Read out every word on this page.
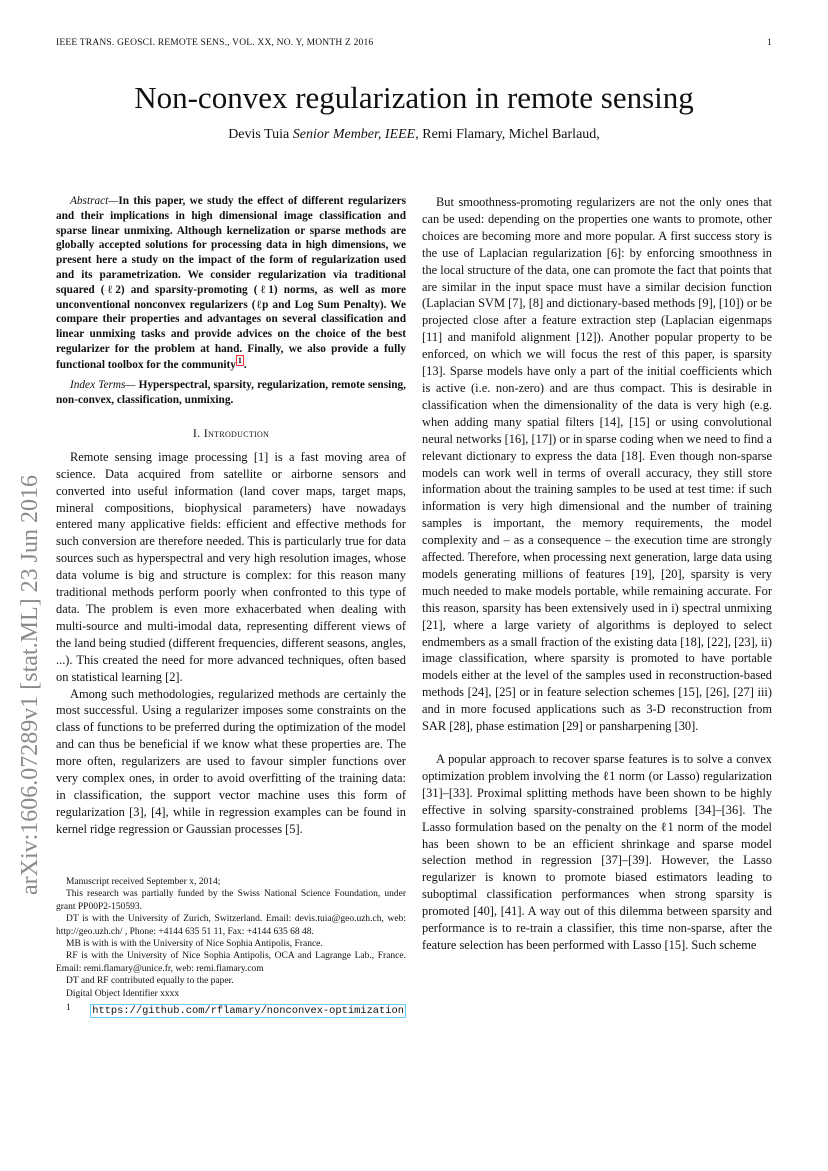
IEEE TRANS. GEOSCI. REMOTE SENS., VOL. XX, NO. Y, MONTH Z 2016	1
arXiv:1606.07289v1 [stat.ML] 23 Jun 2016
Non-convex regularization in remote sensing
Devis Tuia Senior Member, IEEE, Remi Flamary, Michel Barlaud,

Abstract—In this paper, we study the effect of different regularizers and their implications in high dimensional image classification and sparse linear unmixing. Although kernelization or sparse methods are globally accepted solutions for processing data in high dimensions, we present here a study on the impact of the form of regularization used and its parametrization. We consider regularization via traditional squared (ℓ2) and sparsity-promoting (ℓ1) norms, as well as more unconventional nonconvex regularizers (ℓp and Log Sum Penalty). We compare their properties and advantages on several classification and linear unmixing tasks and provide advices on the choice of the best regularizer for the problem at hand. Finally, we also provide a fully functional toolbox for the community $^1$ .

Index Terms— Hyperspectral, sparsity, regularization, remote sensing, non-convex, classification, unmixing.

I. Introduction

Remote sensing image processing [1] is a fast moving area of science. Data acquired from satellite or airborne sensors and converted into useful information (land cover maps, target maps, mineral compositions, biophysical parameters) have nowadays entered many applicative fields: efficient and effective methods for such conversion are therefore needed. This is particularly true for data sources such as hyperspectral and very high resolution images, whose data volume is big and structure is complex: for this reason many traditional methods perform poorly when confronted to this type of data. The problem is even more exhacerbated when dealing with multi-source and multi-imodal data, representing different views of the land being studied (different frequencies, different seasons, angles, ...). This created the need for more advanced techniques, often based on statistical learning [2].

Among such methodologies, regularized methods are certainly the most successful. Using a regularizer imposes some constraints on the class of functions to be preferred during the optimization of the model and can thus be beneficial if we know what these properties are. The more often, regularizers are used to favour simpler functions over very complex ones, in order to avoid overfitting of the training data: in classification, the support vector machine uses this form of regularization [3], [4], while in regression examples can be found in kernel ridge regression or Gaussian processes [5].

Manuscript received September x, 2014;

This research was partially funded by the Swiss National Science Foundation, under grant PP00P2-150593.

DT is with the University of Zurich, Switzerland. Email: devis.tuia@geo.uzh.ch, web: http://geo.uzh.ch/ , Phone: +4144 635 51 11, Fax: +4144 635 68 48.

MB is with is with the University of Nice Sophia Antipolis, France.

RF is with the University of Nice Sophia Antipolis, OCA and Lagrange Lab., France. Email: remi.flamary@unice.fr, web: remi.flamary.com

DT and RF contributed equally to the paper.

Digital Object Identifier xxxx

1	https://github.com/rflamary/nonconvex-optimization

But smoothness-promoting regularizers are not the only ones that can be used: depending on the properties one wants to promote, other choices are becoming more and more popular. A first success story is the use of Laplacian regularization [6]: by enforcing smoothness in the local structure of the data, one can promote the fact that points that are similar in the input space must have a similar decision function (Laplacian SVM [7], [8] and dictionary-based methods [9], [10]) or be projected close after a feature extraction step (Laplacian eigenmaps [11] and manifold alignment [12]). Another popular property to be enforced, on which we will focus the rest of this paper, is sparsity [13]. Sparse models have only a part of the initial coefficients which is active (i.e. non-zero) and are thus compact. This is desirable in classification when the dimensionality of the data is very high (e.g. when adding many spatial filters [14], [15] or using convolutional neural networks [16], [17]) or in sparse coding when we need to find a relevant dictionary to express the data [18]. Even though non-sparse models can work well in terms of overall accuracy, they still store information about the training samples to be used at test time: if such information is very high dimensional and the number of training samples is important, the memory requirements, the model complexity and – as a consequence – the execution time are strongly affected. Therefore, when processing next generation, large data using models generating millions of features [19], [20], sparsity is very much needed to make models portable, while remaining accurate. For this reason, sparsity has been extensively used in i) spectral unmixing [21], where a large variety of algorithms is deployed to select endmembers as a small fraction of the existing data [18], [22], [23], ii) image classification, where sparsity is promoted to have portable models either at the level of the samples used in reconstruction-based methods [24], [25] or in feature selection schemes [15], [26], [27] iii) and in more focused applications such as 3-D reconstruction from SAR [28], phase estimation [29] or pansharpening [30].

A popular approach to recover sparse features is to solve a convex optimization problem involving the ℓ1 norm (or Lasso) regularization [31]–[33]. Proximal splitting methods have been shown to be highly effective in solving sparsity-constrained problems [34]–[36]. The Lasso formulation based on the penalty on the ℓ1 norm of the model has been shown to be an efficient shrinkage and sparse model selection method in regression [37]–[39]. However, the Lasso regularizer is known to promote biased estimators leading to suboptimal classification performances when strong sparsity is promoted [40], [41]. A way out of this dilemma between sparsity and performance is to re-train a classifier, this time non-sparse, after the feature selection has been performed with Lasso [15]. Such scheme
